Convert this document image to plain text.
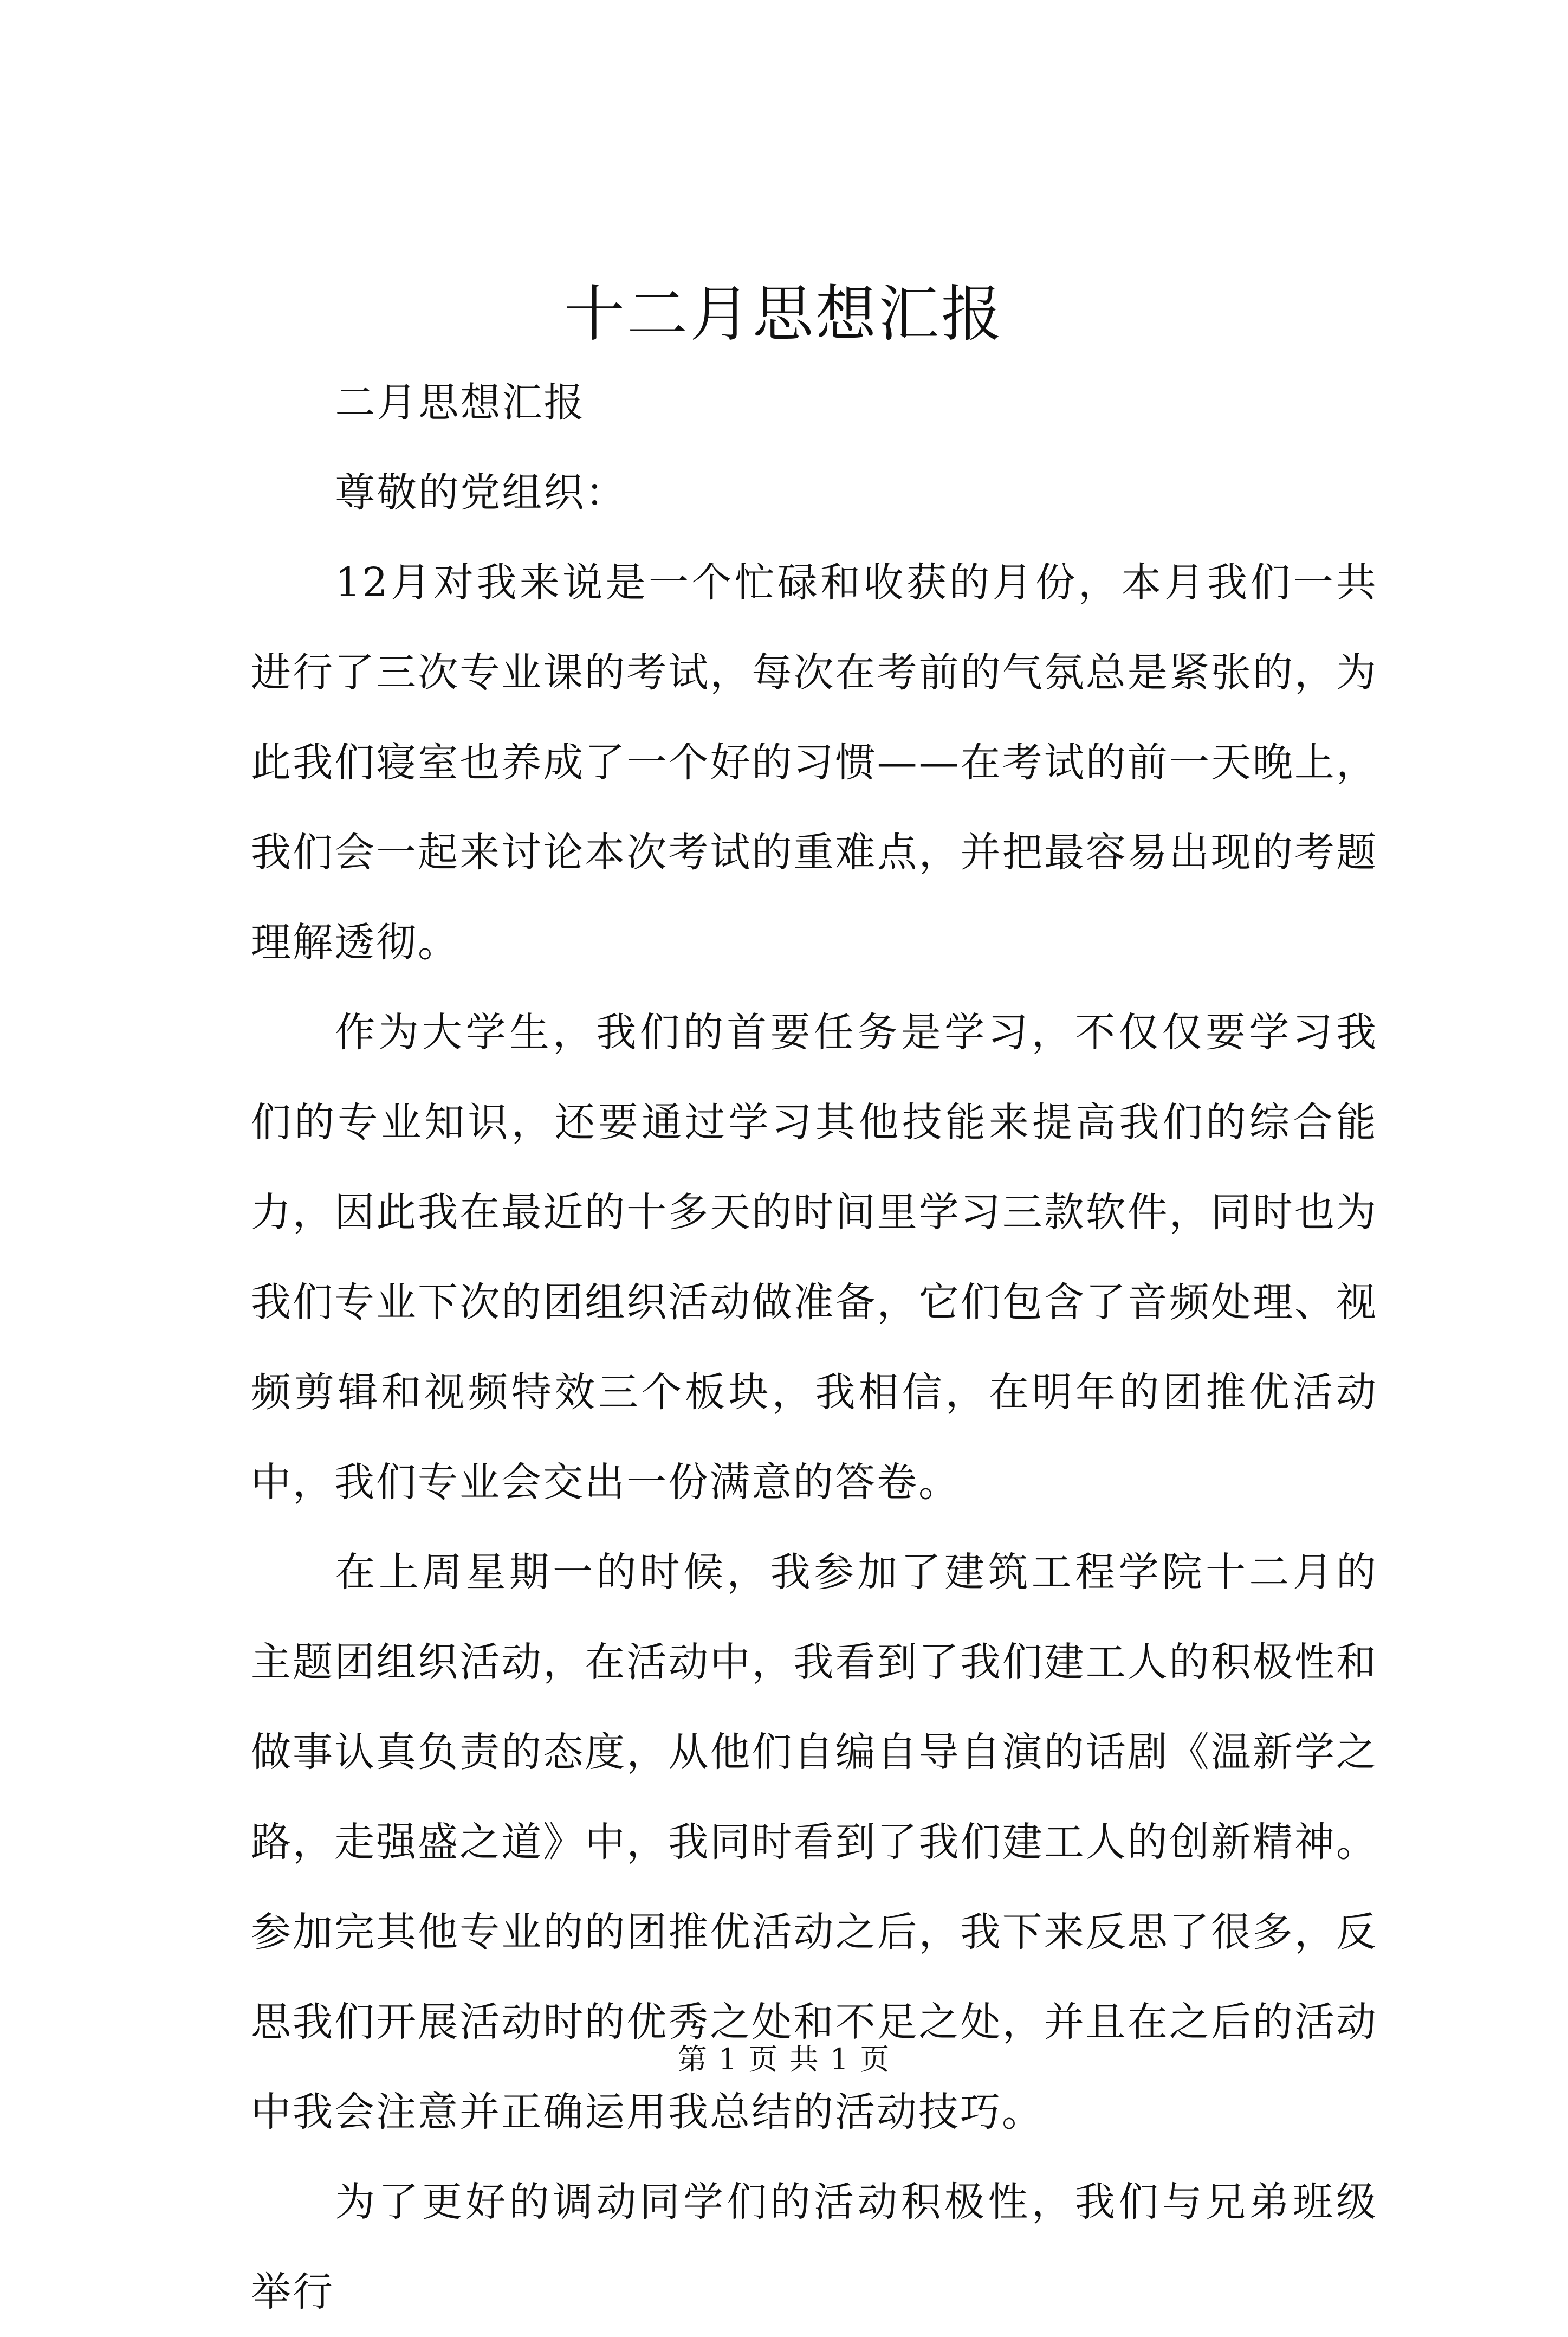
十二月思想汇报

二月思想汇报

尊敬的党组织：

12月对我来说是一个忙碌和收获的月份，本月我们一共进行了三次专业课的考试，每次在考前的气氛总是紧张的，为此我们寝室也养成了一个好的习惯——在考试的前一天晚上，我们会一起来讨论本次考试的重难点，并把最容易出现的考题理解透彻。

作为大学生，我们的首要任务是学习，不仅仅要学习我们的专业知识，还要通过学习其他技能来提高我们的综合能力，因此我在最近的十多天的时间里学习三款软件，同时也为我们专业下次的团组织活动做准备，它们包含了音频处理、视频剪辑和视频特效三个板块，我相信，在明年的团推优活动中，我们专业会交出一份满意的答卷。

在上周星期一的时候，我参加了建筑工程学院十二月的主题团组织活动，在活动中，我看到了我们建工人的积极性和做事认真负责的态度，从他们自编自导自演的话剧《温新学之路，走强盛之道》中，我同时看到了我们建工人的创新精神。参加完其他专业的的团推优活动之后，我下来反思了很多，反思我们开展活动时的优秀之处和不足之处，并且在之后的活动中我会注意并正确运用我总结的活动技巧。

为了更好的调动同学们的活动积极性，我们与兄弟班级举行

第 1 页 共 1 页
